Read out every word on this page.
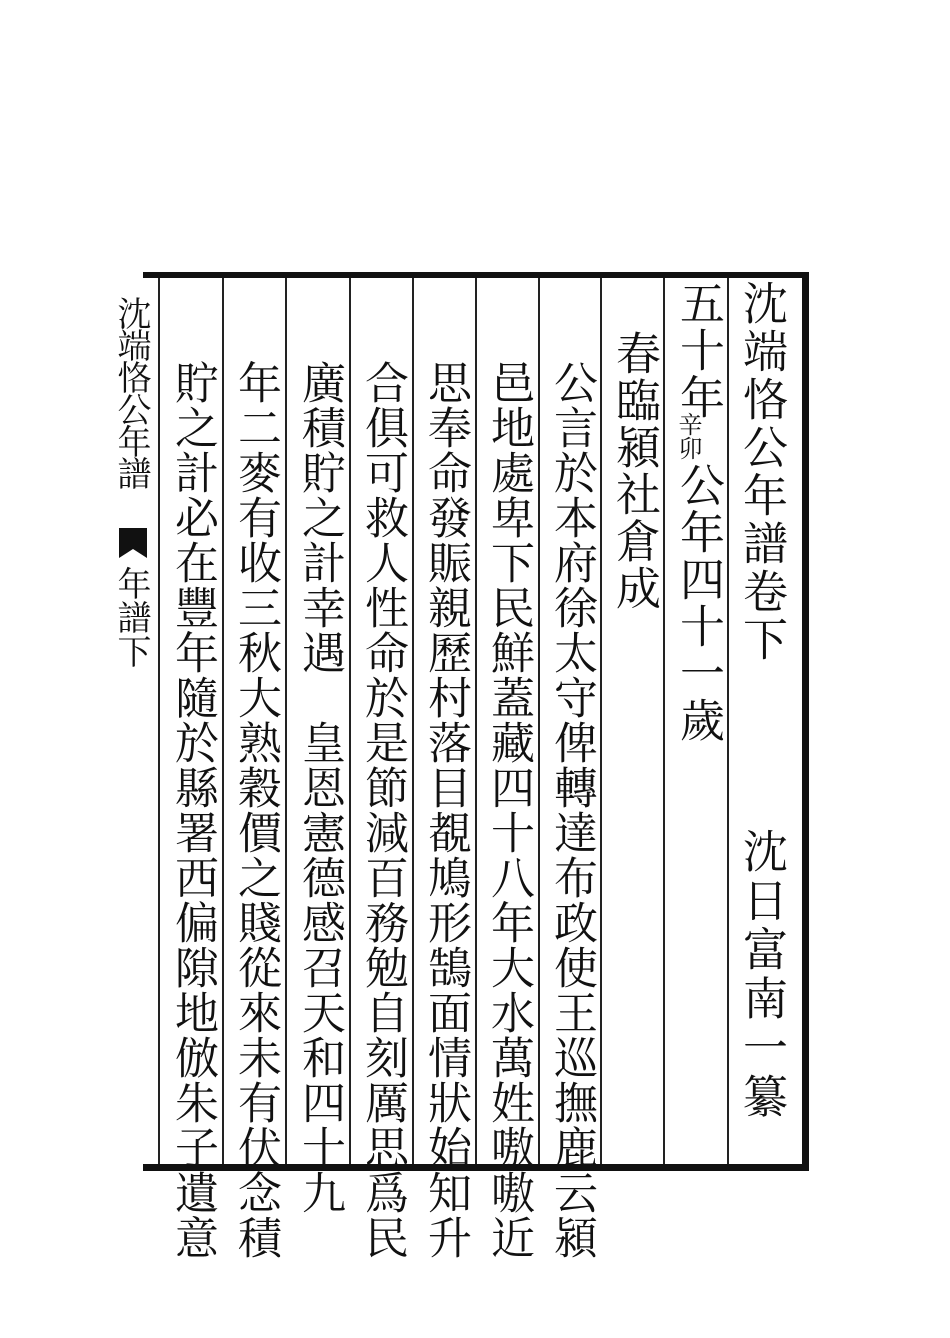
沈端恪公年譜卷下
沈日富南一纂
五十年
辛卯
公年四十一歲
春臨潁社倉成
公言於本府徐太守俾轉達布政使王巡撫鹿云潁
邑地處卑下民鮮蓋藏四十八年大水萬姓嗷嗷近
思奉命發賑親歷村落目覩鳩形鵠面情狀始知升
合俱可救人性命於是節減百務勉自刻厲思爲民
廣積貯之計幸遇　皇恩憲德感召天和四十九
年二麥有收三秋大熟穀價之賤從來未有伏念積
貯之計必在豐年隨於縣署西偏隙地倣朱子遺意
沈端恪公年譜
年譜下
